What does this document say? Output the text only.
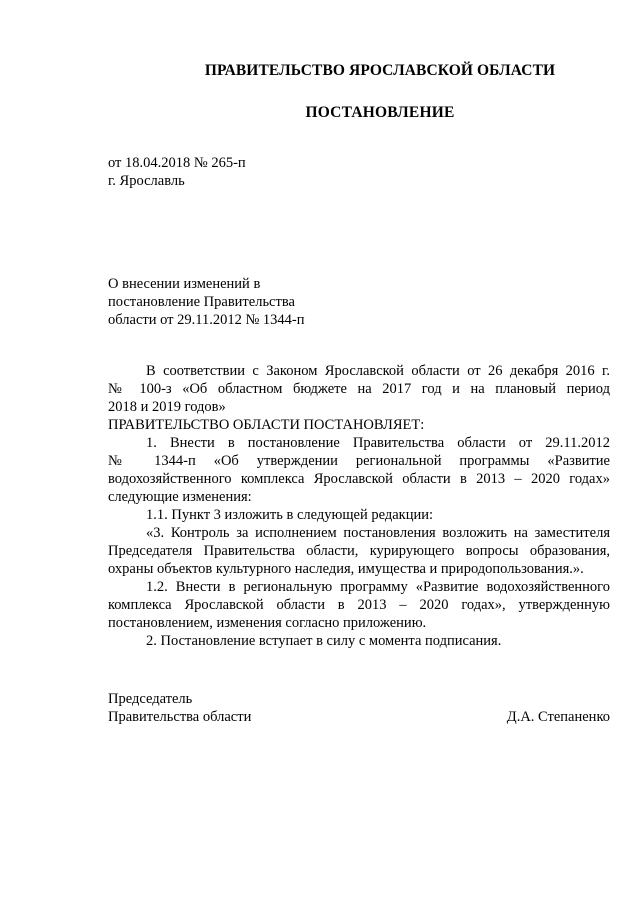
ПРАВИТЕЛЬСТВО ЯРОСЛАВСКОЙ ОБЛАСТИ
ПОСТАНОВЛЕНИЕ
от 18.04.2018 № 265-п
г. Ярославль
О внесении изменений в
постановление Правительства
области от 29.11.2012 № 1344-п
В соответствии с Законом Ярославской области от 26 декабря 2016 г.
№ 100-з «Об областном бюджете на 2017 год и на плановый период
2018 и 2019 годов»
ПРАВИТЕЛЬСТВО ОБЛАСТИ ПОСТАНОВЛЯЕТ:
1. Внести в постановление Правительства области от 29.11.2012
№ 1344-п «Об утверждении региональной программы «Развитие
водохозяйственного комплекса Ярославской области в 2013 – 2020 годах»
следующие изменения:
1.1. Пункт 3 изложить в следующей редакции:
«3. Контроль за исполнением постановления возложить на заместителя
Председателя Правительства области, курирующего вопросы образования,
охраны объектов культурного наследия, имущества и природопользования.».
1.2. Внести в региональную программу «Развитие водохозяйственного
комплекса Ярославской области в 2013 – 2020 годах», утвержденную
постановлением, изменения согласно приложению.
2. Постановление вступает в силу с момента подписания.
Председатель
Правительства области	Д.А. Степаненко
